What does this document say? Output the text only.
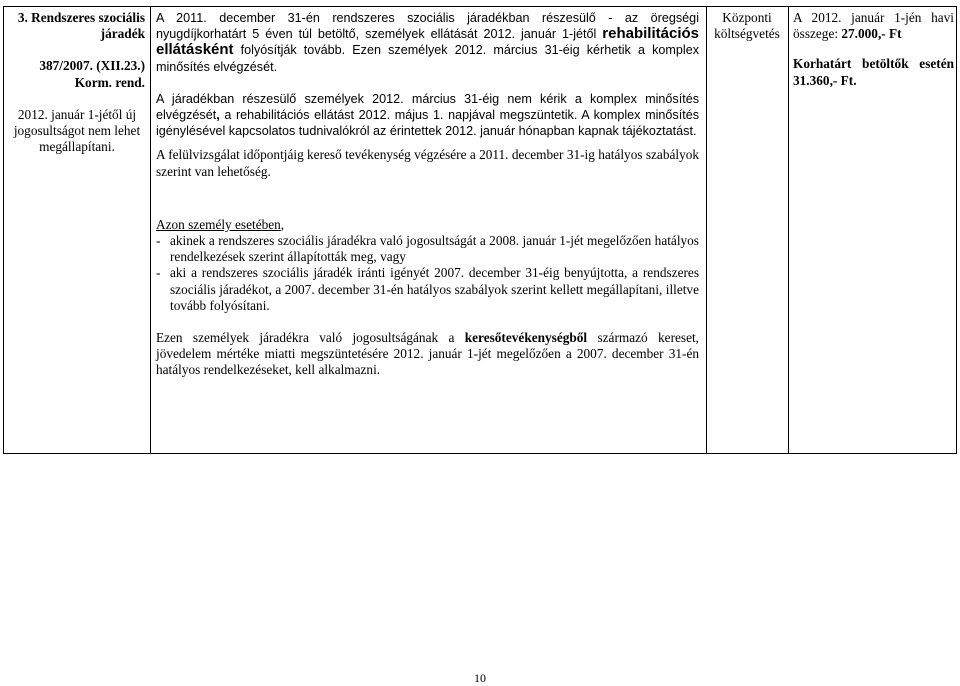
3. Rendszeres szociális járadék

387/2007. (XII.23.)

Korm. rend.

2012. január 1-jétől új jogosultságot nem lehet megállapítani.

A 2011. december 31-én rendszeres szociális járadékban részesülő - az öregségi nyugdíjkorhatárt 5 éven túl betöltő, személyek ellátását 2012. január 1-jétől rehabilitációs ellátásként folyósítják tovább. Ezen személyek 2012. március 31-éig kérhetik a komplex minősítés elvégzését.

A járadékban részesülő személyek 2012. március 31-éig nem kérik a komplex minősítés elvégzését, a rehabilitációs ellátást 2012. május 1. napjával megszüntetik. A komplex minősítés igénylésével kapcsolatos tudnivalókról az érintettek 2012. január hónapban kapnak tájékoztatást.

A felülvizsgálat időpontjáig kereső tevékenység végzésére a 2011. december 31-ig hatályos szabályok szerint van lehetőség.

Azon személy esetében,

- akinek a rendszeres szociális járadékra való jogosultságát a 2008. január 1-jét megelőzően hatályos rendelkezések szerint állapították meg, vagy
- aki a rendszeres szociális járadék iránti igényét 2007. december 31-éig benyújtotta, a rendszeres szociális járadékot, a 2007. december 31-én hatályos szabályok szerint kellett megállapítani, illetve tovább folyósítani.

Ezen személyek járadékra való jogosultságának a keresőtevékenységből származó kereset, jövedelem mértéke miatti megszüntetésére 2012. január 1-jét megelőzően a 2007. december 31-én hatályos rendelkezéseket, kell alkalmazni.

Központi költségvetés

A 2012. január 1-jén havi összege: 27.000,- Ft

Korhatárt betöltők esetén 31.360,- Ft.

10
